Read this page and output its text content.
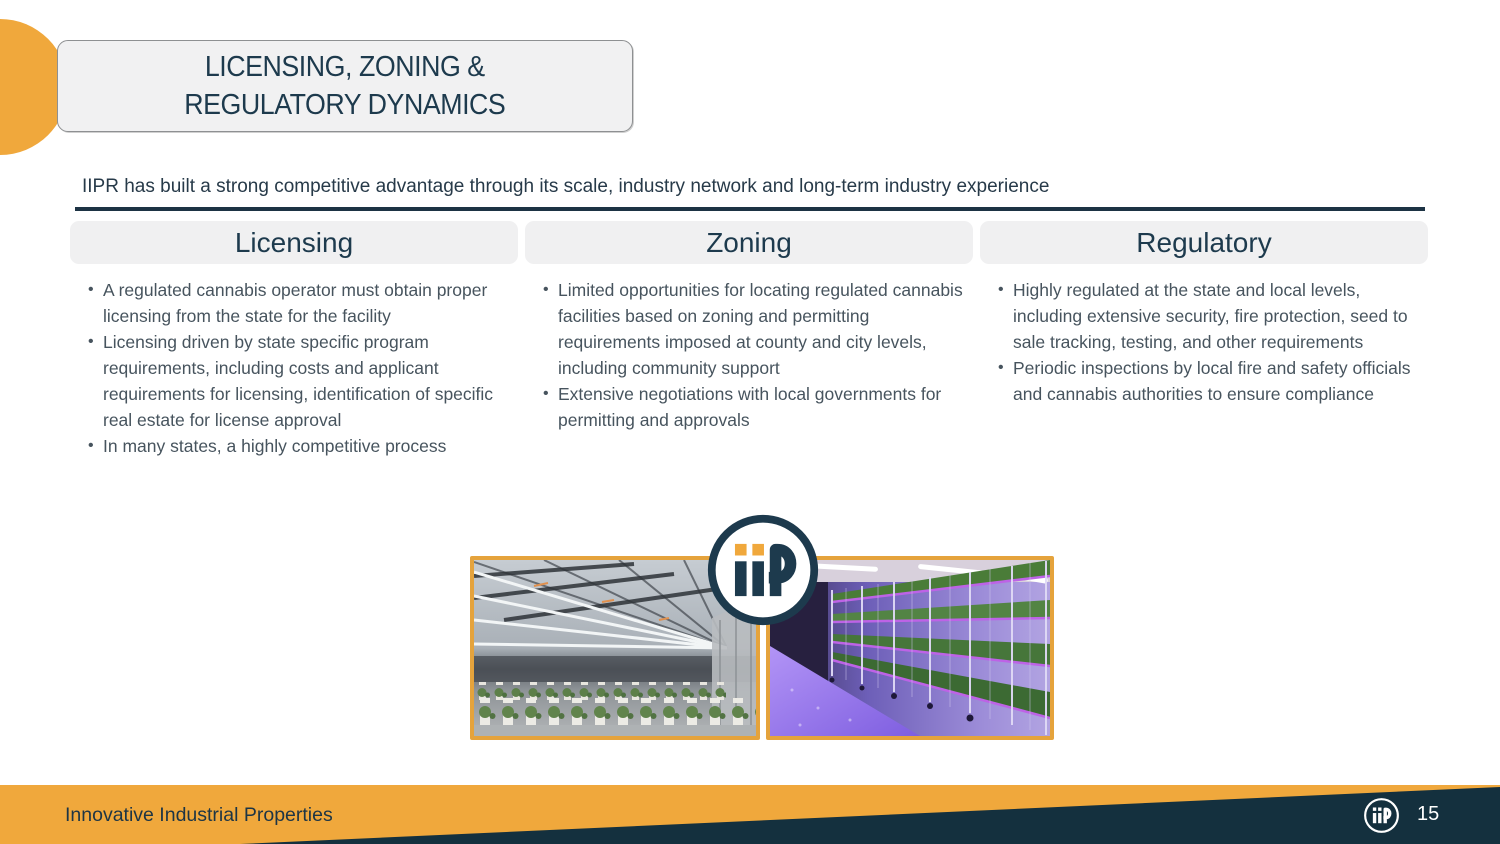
LICENSING, ZONING &
REGULATORY DYNAMICS
IIPR has built a strong competitive advantage through its scale, industry network and long-term industry experience
Licensing
• A regulated cannabis operator must obtain proper licensing from the state for the facility
• Licensing driven by state specific program requirements, including costs and applicant requirements for licensing, identification of specific real estate for license approval
• In many states, a highly competitive process
Zoning
• Limited opportunities for locating regulated cannabis facilities based on zoning and permitting requirements imposed at county and city levels, including community support
• Extensive negotiations with local governments for permitting and approvals
Regulatory
• Highly regulated at the state and local levels, including extensive security, fire protection, seed to sale tracking, testing, and other requirements
• Periodic inspections by local fire and safety officials and cannabis authorities to ensure compliance
Innovative Industrial Properties	15
